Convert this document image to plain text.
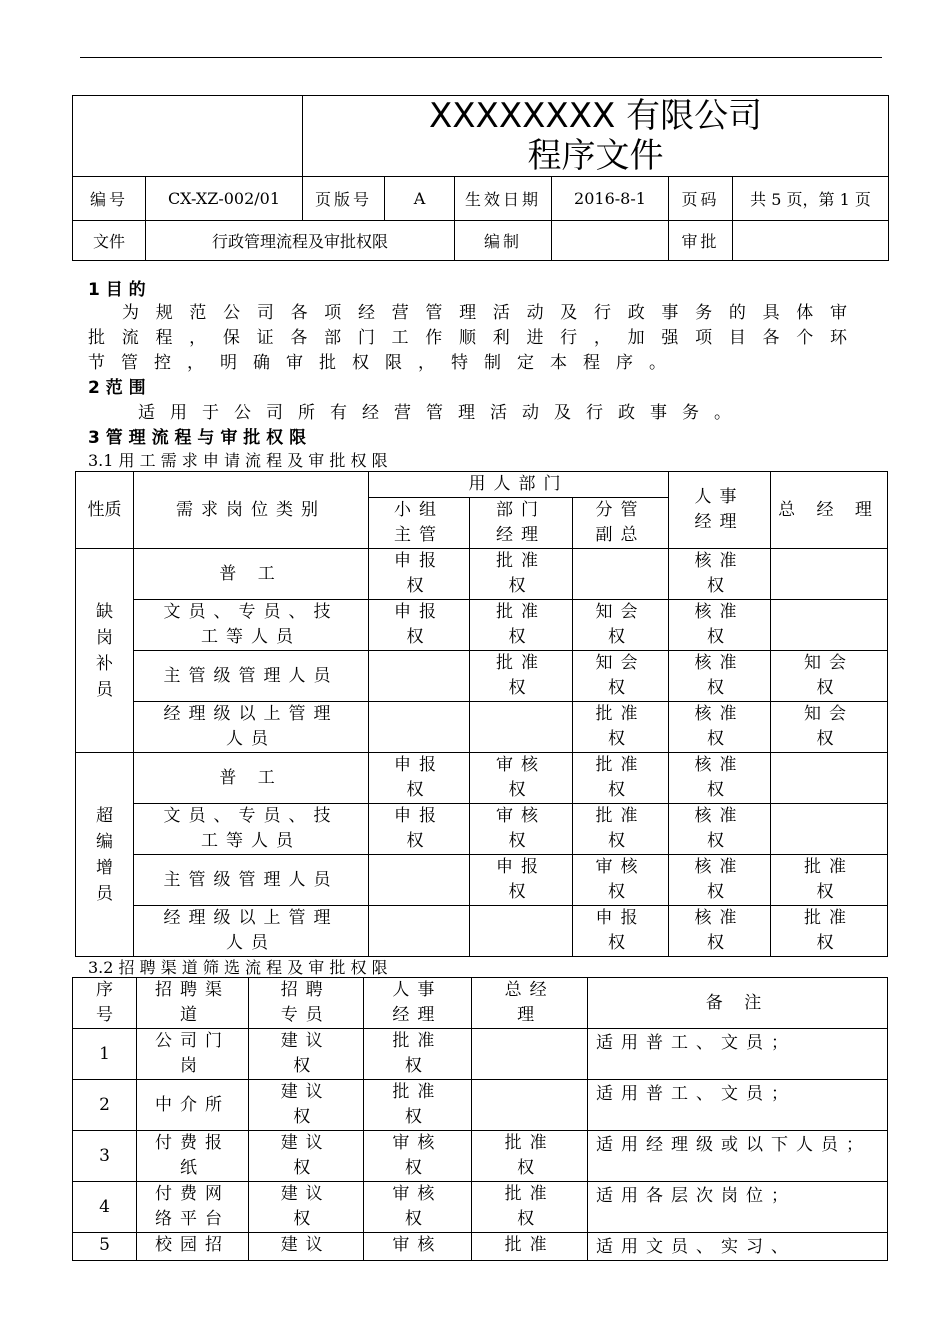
		XXXXXXXX 有限公司
程序文件					

编号	CX-XZ-002/01	页版号	A	生效日期	2016-8-1	页码	共 5 页，第 1 页
文件	行政管理流程及审批权限			编制		审批	
1 目 的
为规范公司各项经营管理活动及行政事务的具体审
批流程，保证各部门工作顺利进行，加强项目各个环
节管控，明确审批权限，特制定本程序。
2 范 围
适用于公司所有经营管理活动及行政事务。
3 管 理 流 程 与 审 批 权 限
3.1 用 工 需 求 申 请 流 程 及 审 批 权 限
性质	需求岗位类别	用人部门			人事经理	总 经 理

		小组主管	部门经理	分管副总		

缺岗补员	普 工	申报权	批准权		核准权	

	文员、专员、技工等人员	申报权	批准权	知会权	核准权	

	主管级管理人员		批准权	知会权	核准权	知会权

	经理级以上管理人员			批准权	核准权	知会权

超编增员	普 工	申报权	审核权	批准权	核准权	

	文员、专员、技工等人员	申报权	审核权	批准权	核准权	

	主管级管理人员		申报权	审核权	核准权	批准权

	经理级以上管理人员			申报权	核准权	批准权
3.2 招 聘 渠 道 筛 选 流 程 及 审 批 权 限
序号	招聘渠道	招聘专员	人事经理	总经理	备 注

1	公司门岗	建议权	批准权		适用普工、文员；

2	中介所	建议权	批准权		适用普工、文员；

3	付费报纸	建议权	审核权	批准权	适用经理级或以下人员；

4	付费网络平台	建议权	审核权	批准权	适用各层次岗位；

5	校园招	建议	审核	批准	适用文员、实习、
